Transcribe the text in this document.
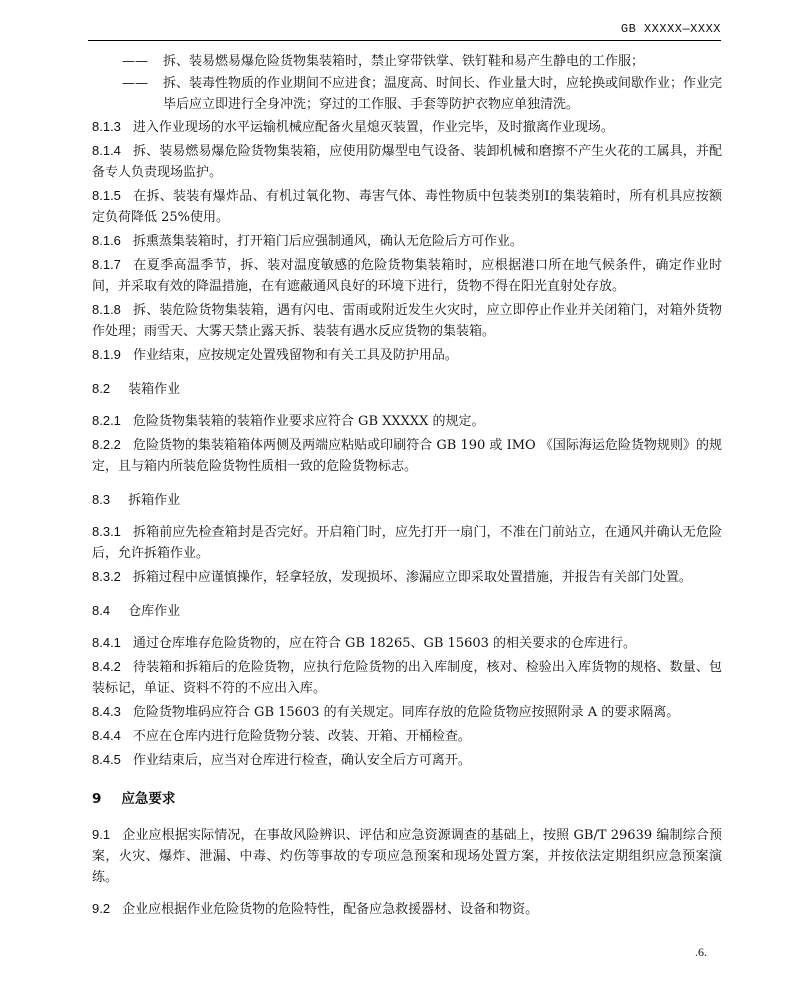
GB XXXXX—XXXX
—— 拆、装易燃易爆危险货物集装箱时，禁止穿带铁掌、铁钉鞋和易产生静电的工作服；
—— 拆、装毒性物质的作业期间不应进食；温度高、时间长、作业量大时，应轮换或间歇作业；作业完毕后应立即进行全身冲洗；穿过的工作服、手套等防护衣物应单独清洗。
8.1.3 进入作业现场的水平运输机械应配备火星熄灭装置，作业完毕，及时撤离作业现场。
8.1.4 拆、装易燃易爆危险货物集装箱，应使用防爆型电气设备、装卸机械和磨擦不产生火花的工属具，并配备专人负责现场监护。
8.1.5 在拆、装装有爆炸品、有机过氧化物、毒害气体、毒性物质中包装类别Ⅰ的集装箱时，所有机具应按额定负荷降低 25%使用。
8.1.6 拆熏蒸集装箱时，打开箱门后应强制通风，确认无危险后方可作业。
8.1.7 在夏季高温季节，拆、装对温度敏感的危险货物集装箱时，应根据港口所在地气候条件，确定作业时间，并采取有效的降温措施，在有遮蔽通风良好的环境下进行，货物不得在阳光直射处存放。
8.1.8 拆、装危险货物集装箱，遇有闪电、雷雨或附近发生火灾时，应立即停止作业并关闭箱门，对箱外货物作处理；雨雪天、大雾天禁止露天拆、装装有遇水反应货物的集装箱。
8.1.9 作业结束，应按规定处置残留物和有关工具及防护用品。
8.2 装箱作业
8.2.1 危险货物集装箱的装箱作业要求应符合 GB XXXXX 的规定。
8.2.2 危险货物的集装箱箱体两侧及两端应粘贴或印刷符合 GB 190 或 IMO 《国际海运危险货物规则》的规定，且与箱内所装危险货物性质相一致的危险货物标志。
8.3 拆箱作业
8.3.1 拆箱前应先检查箱封是否完好。开启箱门时，应先打开一扇门，不准在门前站立，在通风并确认无危险后，允许拆箱作业。
8.3.2 拆箱过程中应谨慎操作，轻拿轻放，发现损坏、渗漏应立即采取处置措施，并报告有关部门处置。
8.4 仓库作业
8.4.1 通过仓库堆存危险货物的，应在符合 GB 18265、GB 15603 的相关要求的仓库进行。
8.4.2 待装箱和拆箱后的危险货物，应执行危险货物的出入库制度，核对、检验出入库货物的规格、数量、包装标记，单证、资料不符的不应出入库。
8.4.3 危险货物堆码应符合 GB 15603 的有关规定。同库存放的危险货物应按照附录 A 的要求隔离。
8.4.4 不应在仓库内进行危险货物分装、改装、开箱、开桶检查。
8.4.5 作业结束后，应当对仓库进行检查，确认安全后方可离开。
9 应急要求
9.1 企业应根据实际情况，在事故风险辨识、评估和应急资源调查的基础上，按照 GB/T 29639 编制综合预案，火灾、爆炸、泄漏、中毒、灼伤等事故的专项应急预案和现场处置方案，并按依法定期组织应急预案演练。
9.2 企业应根据作业危险货物的危险特性，配备应急救援器材、设备和物资。
.6.
